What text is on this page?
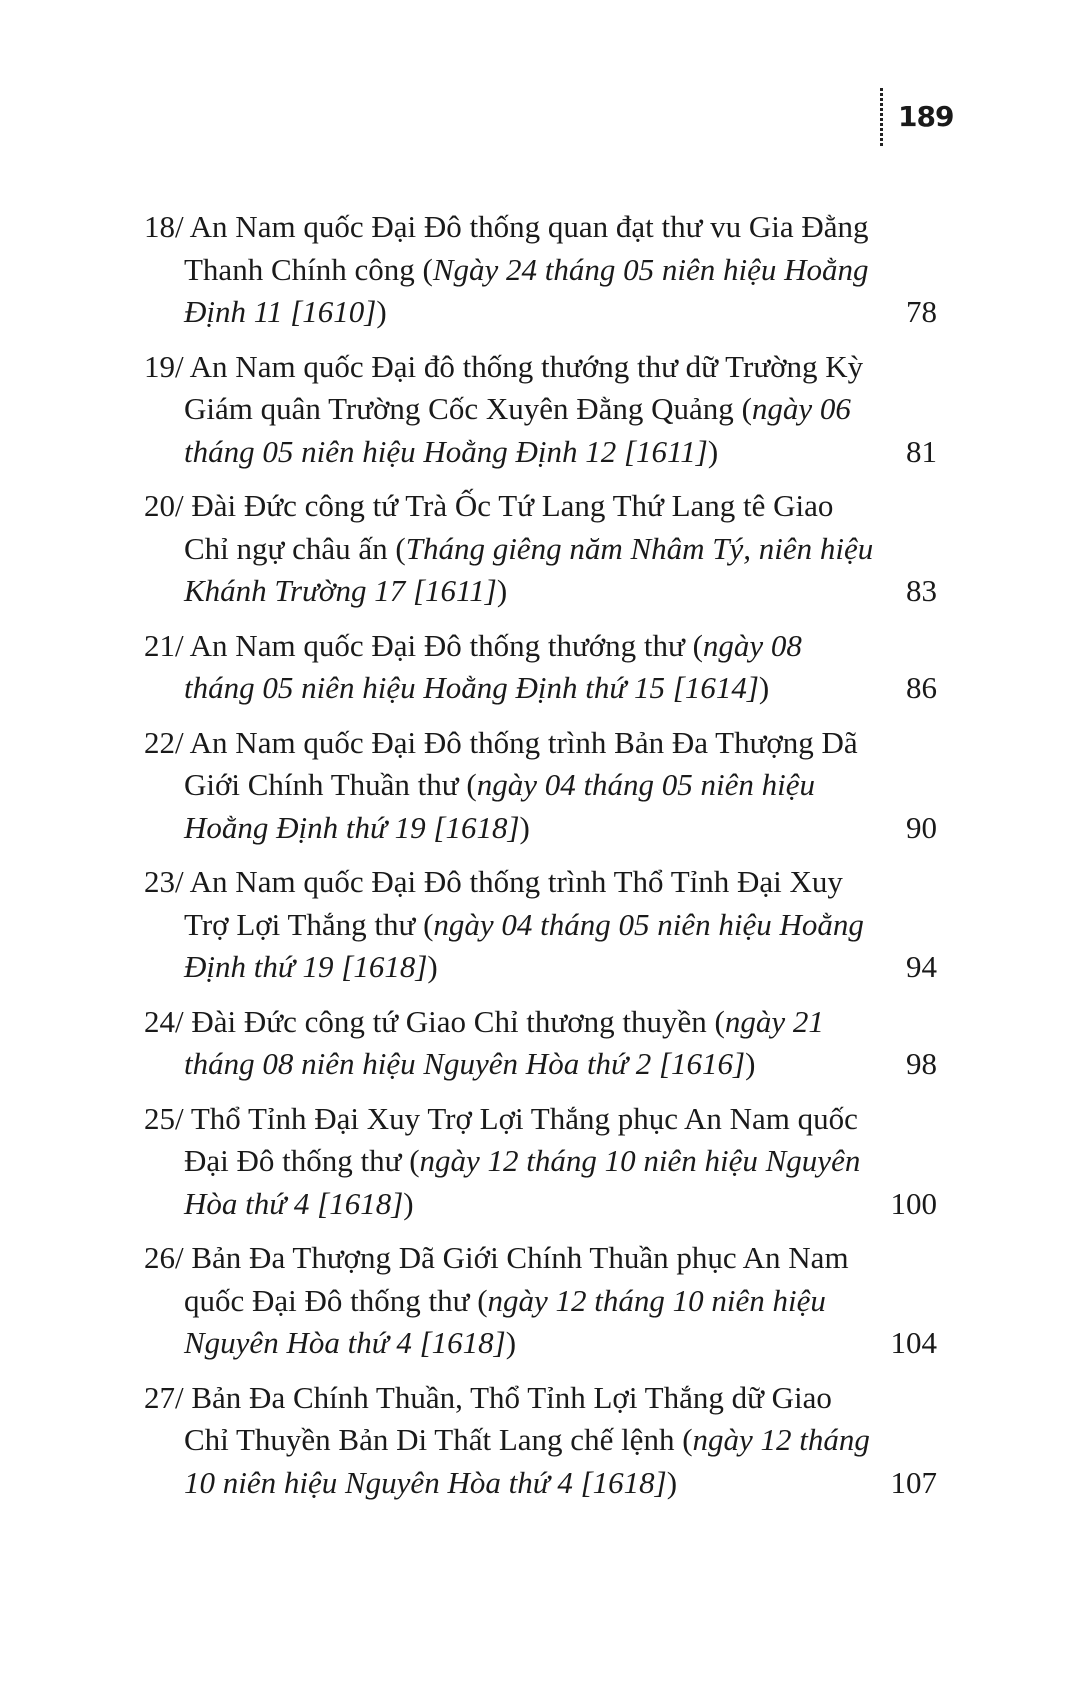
189
18/ An Nam quốc Đại Đô thống quan đạt thư vu Gia Đằng Thanh Chính công (Ngày 24 tháng 05 niên hiệu Hoằng Định 11 [1610])	78
19/ An Nam quốc Đại đô thống thướng thư dữ Trường Kỳ Giám quân Trường Cốc Xuyên Đằng Quảng (ngày 06 tháng 05 niên hiệu Hoằng Định 12 [1611])	81
20/ Đài Đức công tứ Trà Ốc Tứ Lang Thứ Lang tê Giao Chỉ ngự châu ấn (Tháng giêng năm Nhâm Tý, niên hiệu Khánh Trường 17 [1611])	83
21/ An Nam quốc Đại Đô thống thướng thư (ngày 08 tháng 05 niên hiệu Hoằng Định thứ 15 [1614])	86
22/ An Nam quốc Đại Đô thống trình Bản Đa Thượng Dã Giới Chính Thuần thư (ngày 04 tháng 05 niên hiệu Hoằng Định thứ 19 [1618])	90
23/ An Nam quốc Đại Đô thống trình Thổ Tỉnh Đại Xuy Trợ Lợi Thắng thư (ngày 04 tháng 05 niên hiệu Hoằng Định thứ 19 [1618])	94
24/ Đài Đức công tứ Giao Chỉ thương thuyền (ngày 21 tháng 08 niên hiệu Nguyên Hòa thứ 2 [1616])	98
25/ Thổ Tỉnh Đại Xuy Trợ Lợi Thắng phục An Nam quốc Đại Đô thống thư (ngày 12 tháng 10 niên hiệu Nguyên Hòa thứ 4 [1618])	100
26/ Bản Đa Thượng Dã Giới Chính Thuần phục An Nam quốc Đại Đô thống thư (ngày 12 tháng 10 niên hiệu Nguyên Hòa thứ 4 [1618])	104
27/ Bản Đa Chính Thuần, Thổ Tỉnh Lợi Thắng dữ Giao Chỉ Thuyền Bản Di Thất Lang chế lệnh (ngày 12 tháng 10 niên hiệu Nguyên Hòa thứ 4 [1618])	107
